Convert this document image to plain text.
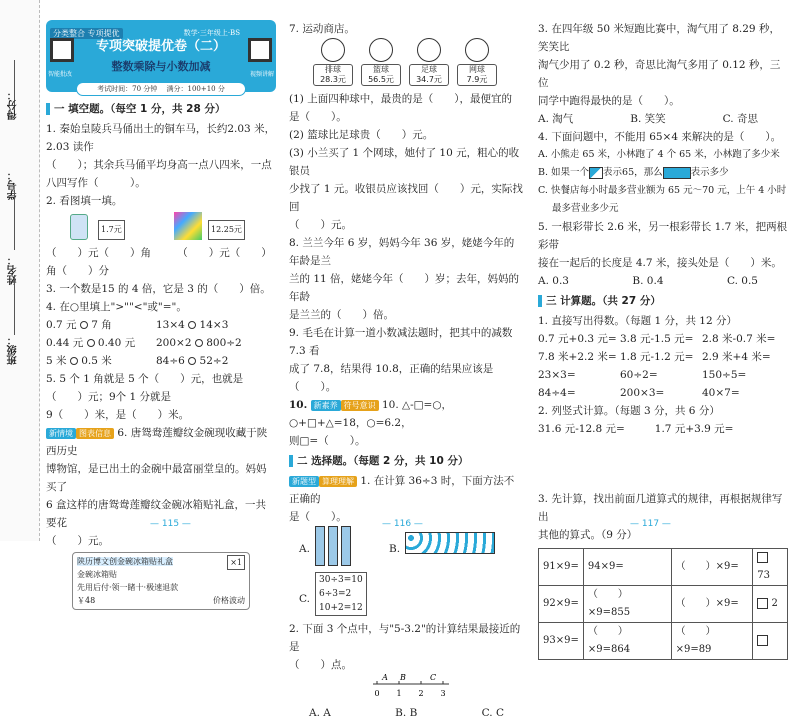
得分：
学号：
姓名：
班级：
分类整合 专项提优	数学·三年级上·BS
智能批改	视频讲解
专项突破提优卷（二）
整数乘除与小数加减
考试时间：70 分钟　 满分：100+10 分
一 填空题。（每空 1 分，共 28 分）

1. 秦始皇陵兵马俑出土的铜车马，长约2.03 米，2.03 读作

（　　）；其余兵马俑平均身高一点八四米，一点

八四写作（　　　）。

2. 看图填一填。

1.7元	12.25元

（　　）元（　　）角　　　（　　）元（　　）角（　　）分

3. 一个数是15 的 4 倍，它是 3 的（　　）倍。

4. 在○里填上">""<"或"="。

0.7 元 7 角	13×4 14×3
0.44 元 0.40 元	200×2 800÷2
5 米 0.5 米	84÷6 52÷2

5. 5 个 1 角就是 5 个（　　）元，也就是（　　）元；9个 1 分就是

9（　　）米，是（　　）米。

新情境 图表信息 6. 唐鸳鸯莲瓣纹金碗现收藏于陕西历史

博物馆，是已出土的金碗中最富丽堂皇的。妈妈买了

6 盒这样的唐鸳鸯莲瓣纹金碗冰箱贴礼盒，一共要花

（　　）元。

陕历博文创金碗冰箱贴礼盒	×1
金碗冰箱贴
先用后付·领一睹十·极速退款
￥48	价格波动
— 115 —

7. 运动商店。

排球
28.3元
篮球
56.5元
足球
34.7元
网球
7.9元

(1) 上面四种球中，最贵的是（　　），最便宜的

是（　　）。

(2) 篮球比足球贵（　　）元。

(3) 小兰买了 1 个网球，她付了 10 元，粗心的收银员

少找了 1 元。收银员应该找回（　　）元，实际找回

（　　）元。

8. 兰兰今年 6 岁，妈妈今年 36 岁，姥姥今年的年龄是兰

兰的 11 倍，姥姥今年（　　）岁；去年，妈妈的年龄

是兰兰的（　　）倍。

9. 毛毛在计算一道小数减法题时，把其中的减数 7.3 看

成了 7.8，结果得 10.8，正确的结果应该是（　　）。

10. 新素养 符号意识 10. △-□=○，○+□+△=18，○=6.2，

则□=（　　）。

二 选择题。（每题 2 分，共 10 分）

新题型 算理理解 1. 在计算 36÷3 时，下面方法不正确的

是（　　）。

A.	B.
C.
30÷3=10
6÷3=2
10+2=12

2. 下面 3 个点中，与"5-3.2"的计算结果最接近的是

（　　）点。

0 1 2 3
A B	C
A. A	B. B	C. C
— 116 —

3. 在四年级 50 米短跑比赛中，淘气用了 8.29 秒，笑笑比

淘气少用了 0.2 秒，奇思比淘气多用了 0.12 秒，三位

同学中跑得最快的是（　　）。

A. 淘气	B. 笑笑	C. 奇思

4. 下面问题中，不能用 65×4 来解决的是（　　）。

A. 小熊走 65 米，小林跑了 4 个 65 米，小林跑了多少米

B. 如果一个 表示65，那么	表示多少

C. 快餐店每小时最多营业额为 65 元～70 元，上午 4 小时

最多营业多少元

5. 一根彩带长 2.6 米，另一根彩带长 1.7 米，把两根彩带

接在一起后的长度是 4.7 米，接头处是（　　）米。

A. 0.3	B. 0.4	C. 0.5
三 计算题。（共 27 分）

1. 直接写出得数。（每题 1 分，共 12 分）

0.7 元+0.3 元= 3.8 元-1.5 元= 2.8 米-0.7 米=
7.8 米+2.2 米= 1.8 元-1.2 元= 2.9 米+4 米=
23×3=	60÷2=	150÷5=
84÷4=	200×3=	40×7=

2. 列竖式计算。（每题 3 分，共 6 分）

31.6 元-12.8 元=	1.7 元+3.9 元=

3. 先计算，找出前面几道算式的规律，再根据规律写出

其他的算式。（9 分）

91×9=	94×9=	（　　）×9=	73
92×9=	（　　）×9=855	（　　）×9=	2
93×9=	（　　）×9=864	（　　）×9=89	
— 117 —
